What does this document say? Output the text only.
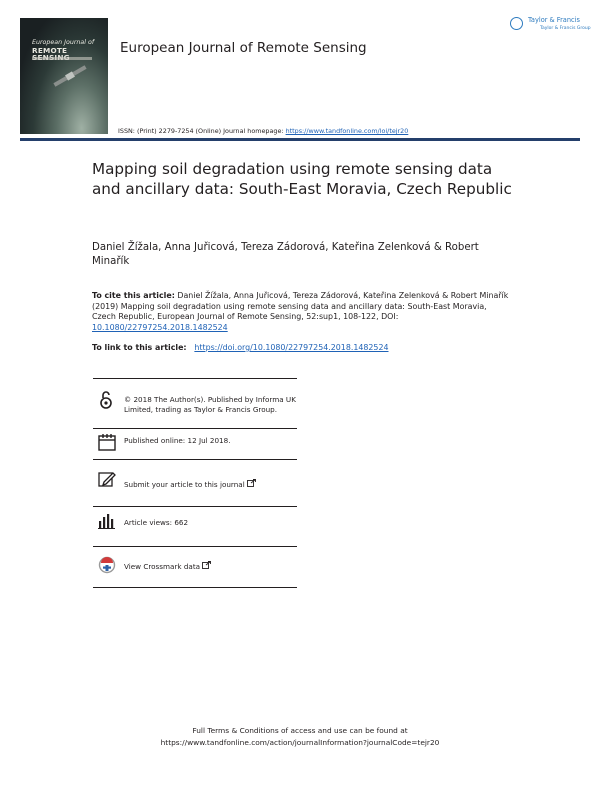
European Journal of
REMOTE	European Journal of Remote Sensing
Taylor & Francis
Taylor & Francis Group
ISSN: (Print) 2279-7254 (Online) Journal homepage: https://www.tandfonline.com/loi/tejr20
Mapping soil degradation using remote sensing data and ancillary data: South-East Moravia, Czech Republic
Daniel Žížala, Anna Juřicová, Tereza Zádorová, Kateřina Zelenková & Robert Minařík
To cite this article: Daniel Žížala, Anna Juřicová, Tereza Zádorová, Kateřina Zelenková & Robert Minařík (2019) Mapping soil degradation using remote sensing data and ancillary data: South-East Moravia, Czech Republic, European Journal of Remote Sensing, 52:sup1, 108-122, DOI: 10.1080/22797254.2018.1482524
To link to this article:   https://doi.org/10.1080/22797254.2018.1482524
© 2018 The Author(s). Published by Informa UK Limited, trading as Taylor & Francis Group.
Published online: 12 Jul 2018.
Submit your article to this journal
Article views: 662
View Crossmark data
Full Terms & Conditions of access and use can be found at
https://www.tandfonline.com/action/journalInformation?journalCode=tejr20
